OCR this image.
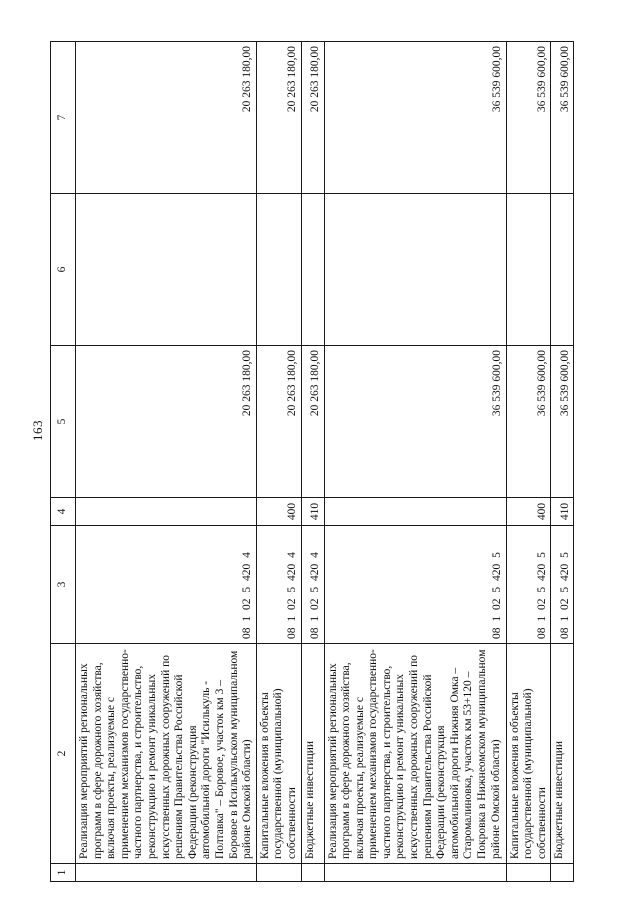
163
1	2	3	4	5	6	7
	Реализация мероприятий региональных программ в сфере дорожного хозяйства, включая проекты, реализуемые с применением механизмов государственно-частного партнерства, и строительство, реконструкцию и ремонт уникальных искусственных дорожных сооружений по решениям Правительства Российской Федерации (реконструкция автомобильной дороги "Исилькуль - Полтавка" – Боровое, участок км 3 – Боровое в Исилькульском муниципальном районе Омской области)	08 1 02 5 420 4		20 263 180,00		20 263 180,00
	Капитальные вложения в объекты государственной (муниципальной) собственности	08 1 02 5 420 4	400	20 263 180,00		20 263 180,00
	Бюджетные инвестиции	08 1 02 5 420 4	410	20 263 180,00		20 263 180,00
	Реализация мероприятий региональных программ в сфере дорожного хозяйства, включая проекты, реализуемые с применением механизмов государственно-частного партнерства, и строительство, реконструкцию и ремонт уникальных искусственных дорожных сооружений по решениям Правительства Российской Федерации (реконструкция автомобильной дороги Нижняя Омка – Старомалиновка, участок км 53+120 – Покровка в Нижнеомском муниципальном районе Омской области)	08 1 02 5 420 5		36 539 600,00		36 539 600,00
	Капитальные вложения в объекты государственной (муниципальной) собственности	08 1 02 5 420 5	400	36 539 600,00		36 539 600,00
	Бюджетные инвестиции	08 1 02 5 420 5	410	36 539 600,00		36 539 600,00
